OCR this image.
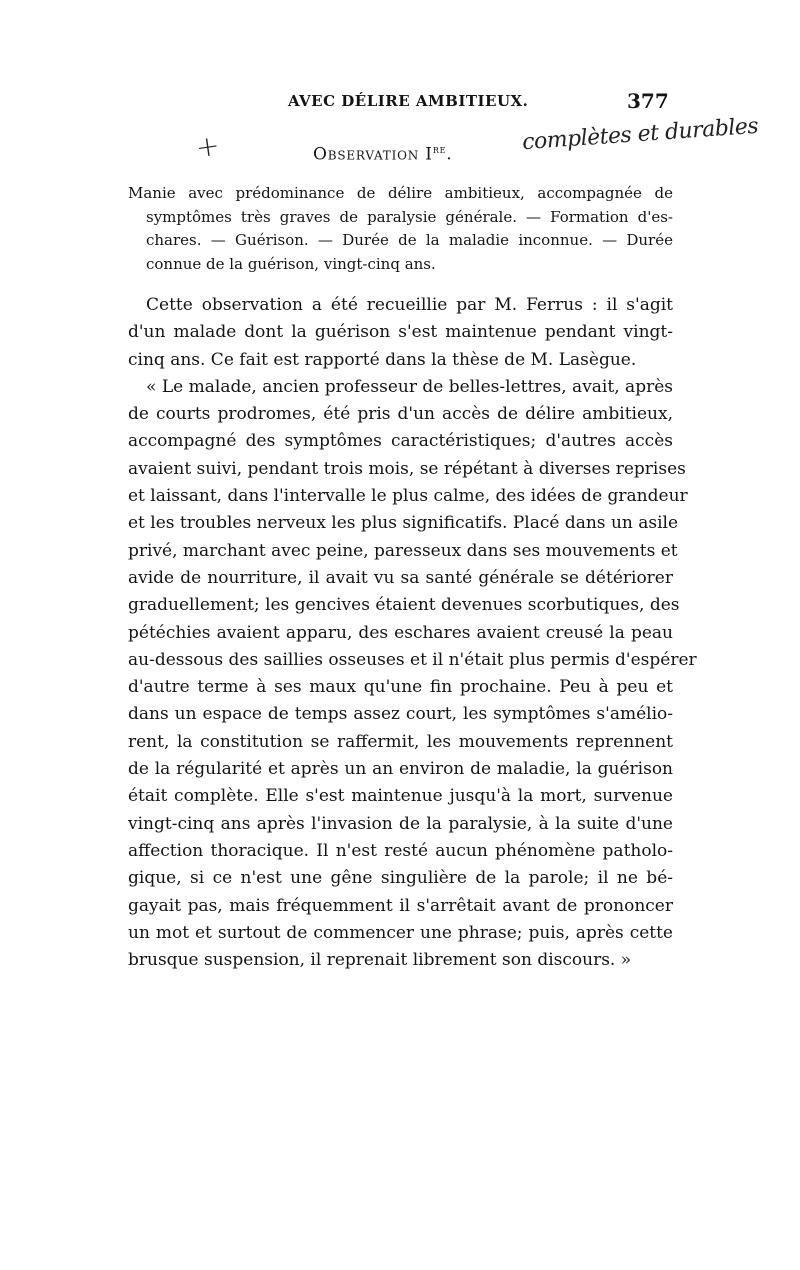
AVEC DÉLIRE AMBITIEUX.	377
+	complètes et durables
Observation Ire.
Manie avec prédominance de délire ambitieux, accompagnée de
symptômes très graves de paralysie générale. — Formation d'es-
chares. — Guérison. — Durée de la maladie inconnue. — Durée
connue de la guérison, vingt-cinq ans.
Cette observation a été recueillie par M. Ferrus : il s'agit
d'un malade dont la guérison s'est maintenue pendant vingt-
cinq ans. Ce fait est rapporté dans la thèse de M. Lasègue.
« Le malade, ancien professeur de belles-lettres, avait, après
de courts prodromes, été pris d'un accès de délire ambitieux,
accompagné des symptômes caractéristiques; d'autres accès
avaient suivi, pendant trois mois, se répétant à diverses reprises
et laissant, dans l'intervalle le plus calme, des idées de grandeur
et les troubles nerveux les plus significatifs. Placé dans un asile
privé, marchant avec peine, paresseux dans ses mouvements et
avide de nourriture, il avait vu sa santé générale se détériorer
graduellement; les gencives étaient devenues scorbutiques, des
pétéchies avaient apparu, des eschares avaient creusé la peau
au-dessous des saillies osseuses et il n'était plus permis d'espérer
d'autre terme à ses maux qu'une fin prochaine. Peu à peu et
dans un espace de temps assez court, les symptômes s'amélio-
rent, la constitution se raffermit, les mouvements reprennent
de la régularité et après un an environ de maladie, la guérison
était complète. Elle s'est maintenue jusqu'à la mort, survenue
vingt-cinq ans après l'invasion de la paralysie, à la suite d'une
affection thoracique. Il n'est resté aucun phénomène patholo-
gique, si ce n'est une gêne singulière de la parole; il ne bé-
gayait pas, mais fréquemment il s'arrêtait avant de prononcer
un mot et surtout de commencer une phrase; puis, après cette
brusque suspension, il reprenait librement son discours. »
